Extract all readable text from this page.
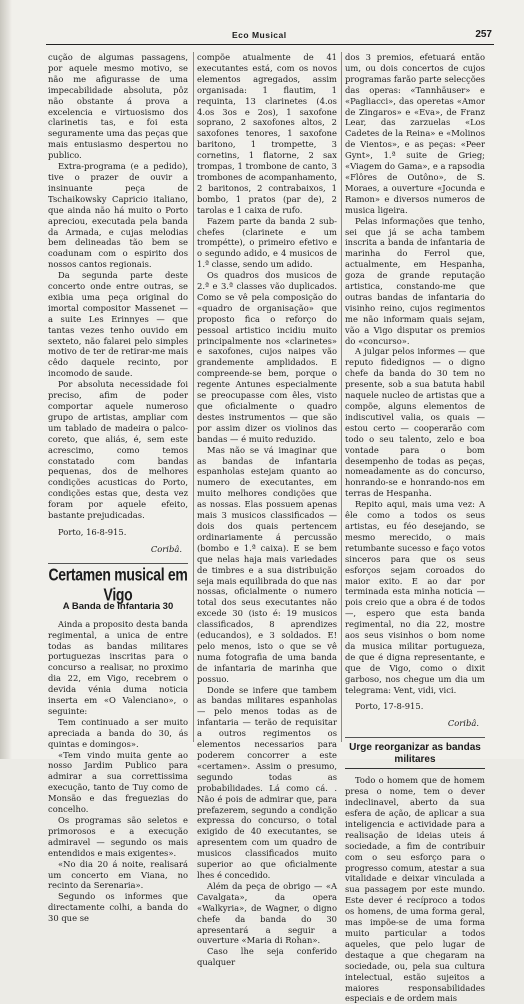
Eco Musical	257

cução de algumas passagens, por aquele mesmo motivo, se não me afigurasse de uma impecabilidade absoluta, pôz não obstante á prova a excelencia e virtuosismo dos clarinetis tas, e foi esta seguramente uma das peças que mais entusiasmo despertou no publico.

Extra-programa (e a pedido), tive o prazer de ouvir a insinuante peça de Tschaikowsky Capricio italiano, que ainda não há muito o Porto apreciou, executada pela banda da Armada, e cujas melodias bem delineadas tão bem se coadunam com o espirito dos nossos cantos regionais.

Da segunda parte deste concerto onde entre outras, se exibia uma peça original do imortal compositor Massenet — a suite Les Erinnyes — que tantas vezes tenho ouvido em sexteto, não falarei pelo simples motivo de ter de retirar-me mais cêdo daquele recinto, por incomodo de saude.

Por absoluta necessidade foi preciso, afim de poder comportar aquele numeroso grupo de artistas, ampliar com um tablado de madeira o palco-coreto, que aliás, é, sem este acrescimo, como temos constatado com bandas pequenas, dos de melhores condições acusticas do Porto, condições estas que, desta vez foram por aquele efeito, bastante prejudicadas.

Porto, 16-8-915.
Coribâ.
Certamen musical em Vigo
A Banda de Infantaria 30

Ainda a proposito desta banda regimental, a unica de entre todas as bandas militares portuguezas inscritas para o concurso a realisar, no proximo dia 22, em Vigo, recebrem o devida vénia duma noticia inserta em «O Valenciano», o seguinte:

Tem continuado a ser muito apreciada a banda do 30, ás quintas e domingos».

«Tem vindo muita gente ao nosso Jardim Publico para admirar a sua correttissima execução, tanto de Tuy como de Monsão e das freguezias do concelho.

Os programas são seletos e primorosos e a execução admiravel — segundo os mais entendidos e mais exigentes».

«No dia 20 á noite, realisará um concerto em Viana, no recinto da Serenaria».

Segundo os informes que directamente colhi, a banda do 30 que se

compõe atualmente de 41 executantes está, com os novos elementos agregados, assim organisada: 1 flautim, 1 requinta, 13 clarinetes (4.os 4.os 3os e 2os), 1 saxofone soprano, 2 saxofones altos, 2 saxofones tenores, 1 saxofone baritono, 1 trompette, 3 cornetins, 1 flatorne, 2 sax trompas, 1 trombone de canto, 3 trombones de acompanhamento, 2 baritonos, 2 contrabaixos, 1 bombo, 1 pratos (par de), 2 tarolas e 1 caixa de rufo.

Fazem parte da banda 2 sub-chefes (clarinete e um trompétte), o primeiro efetivo e o segundo adido, e 4 musicos de 1.ª classe, sendo um adido.

Os quadros dos musicos de 2.ª e 3.ª classes vão duplicados. Como se vê pela composição do «quadro de organisação» que proposto fica o reforço do pessoal artistico incidiu muito principalmente nos «clarinetes» e saxofones, cujos naipes vão grandemente amplidados. E compreende-se bem, porque o regente Antunes especialmente se preocupasse com êles, visto que oficialmente o quadro destes instrumentos — que são por assim dizer os violinos das bandas — é muito reduzido.

Mas não se vá imaginar que as bandas de infantaria espanholas estejam quanto ao numero de executantes, em muito melhores condições que as nossas. Elas possuem apenas mais 3 musicos classificados —dois dos quais pertencem ordinariamente á percussão (bombo e 1.ª caixa). E se bem que nelas haja mais variedades de timbres e a sua distribuição seja mais equilibrada do que nas nossas, oficialmente o numero total dos seus executantes não excede 30 (isto é: 19 musicos classificados, 8 aprendizes (educandos), e 3 soldados. E! pelo menos, isto o que se vê numa fotografia de uma banda de infantaria de marinha que possuo.

Donde se infere que tambem as bandas militares espanholas — pelo menos todas as de infantaria — terão de requisitar a outros regimentos os elementos necessarios para poderem concorrer a este «certamen». Assim o presumo, segundo todas as probabilidades. Lá como cá. . Não é pois de admirar que, para prefazerem, segundo a condição expressa do concurso, o total exigido de 40 executantes, se apresentem com um quadro de musicos classificados muito superior ao que oficialmente lhes é concedido.

Além da peça de obrigo — «A Cavalgata», da opera «Walkyria», de Wagner, o digno chefe da banda do 30 apresentará a seguir a ouverture «Maria di Rohan».

Caso lhe seja conferido qualquer

dos 3 premios, efetuará então um, ou dois concertos de cujos programas farão parte selecções das operas: «Tannhäuser» e «Pagliacci», das operetas «Amor de Zingaros» e «Eva», de Franz Lear, das zarzuelas «Los Cadetes de la Reina» e «Molinos de Vientos», e as peças: «Peer Gynt», 1.ª suite de Grieg; «Viagem do Gama», e a rapsodia «Flôres de Outôno», de S. Moraes, a ouverture «Jocunda e Ramon» e diversos numeros de musica ligeira.

Pelas informações que tenho, sei que já se acha tambem inscrita a banda de infantaria de marinha do Ferrol que, actualmente, em Hespanha, goza de grande reputação artistica, constando-me que outras bandas de infantaria do visinho reino, cujos regimentos me não informam quais sejam, vão a Vigo disputar os premios do «concurso».

A julgar pelos informes — que reputo fidedignos — o digno chefe da banda do 30 tem no presente, sob a sua batuta habil naquele nucleo de artistas que a compõe, alguns elementos de indiscutivel valia, os quais — estou certo — cooperarão com todo o seu talento, zelo e boa vontade para o bom desempenho de todas as peças, nomeadamente as do concurso, honrando-se e honrando-nos em terras de Hespanha.

Repito aqui, mais uma vez: A êle como a todos os seus artistas, eu féo desejando, se mesmo merecido, o mais retumbante sucesso e faço votos sinceros para que os seus esforços sejam coroados do maior exito. E ao dar por terminada esta minha noticia — pois creio que a obra é de todos —, espero que esta banda regimental, no dia 22, mostre aos seus visinhos o bom nome da musica militar portugueza, de que é digna representante, e que de Vigo, como o dixit garboso, nos chegue um dia um telegrama: Vent, vidi, vici.

Porto, 17-8-915.
Coribâ.
Urge reorganizar as bandas militares

Todo o homem que de homem presa o nome, tem o dever indeclinavel, aberto da sua esfera de ação, de aplicar a sua inteligencia e actividade para a realisação de ideias uteis á sociedade, a fim de contribuir com o seu esforço para o progresso comum, atestar a sua vitalidade e deixar vinculada a sua passagem por este mundo. Este dever é recíproco a todos os homens, de uma forma geral, mas impõe-se de uma forma muito particular a todos aqueles, que pelo lugar de destaque a que chegaram na sociedade, ou, pela sua cultura intelectual, estão sujeitos a maiores responsabilidades especiais e de ordem mais
